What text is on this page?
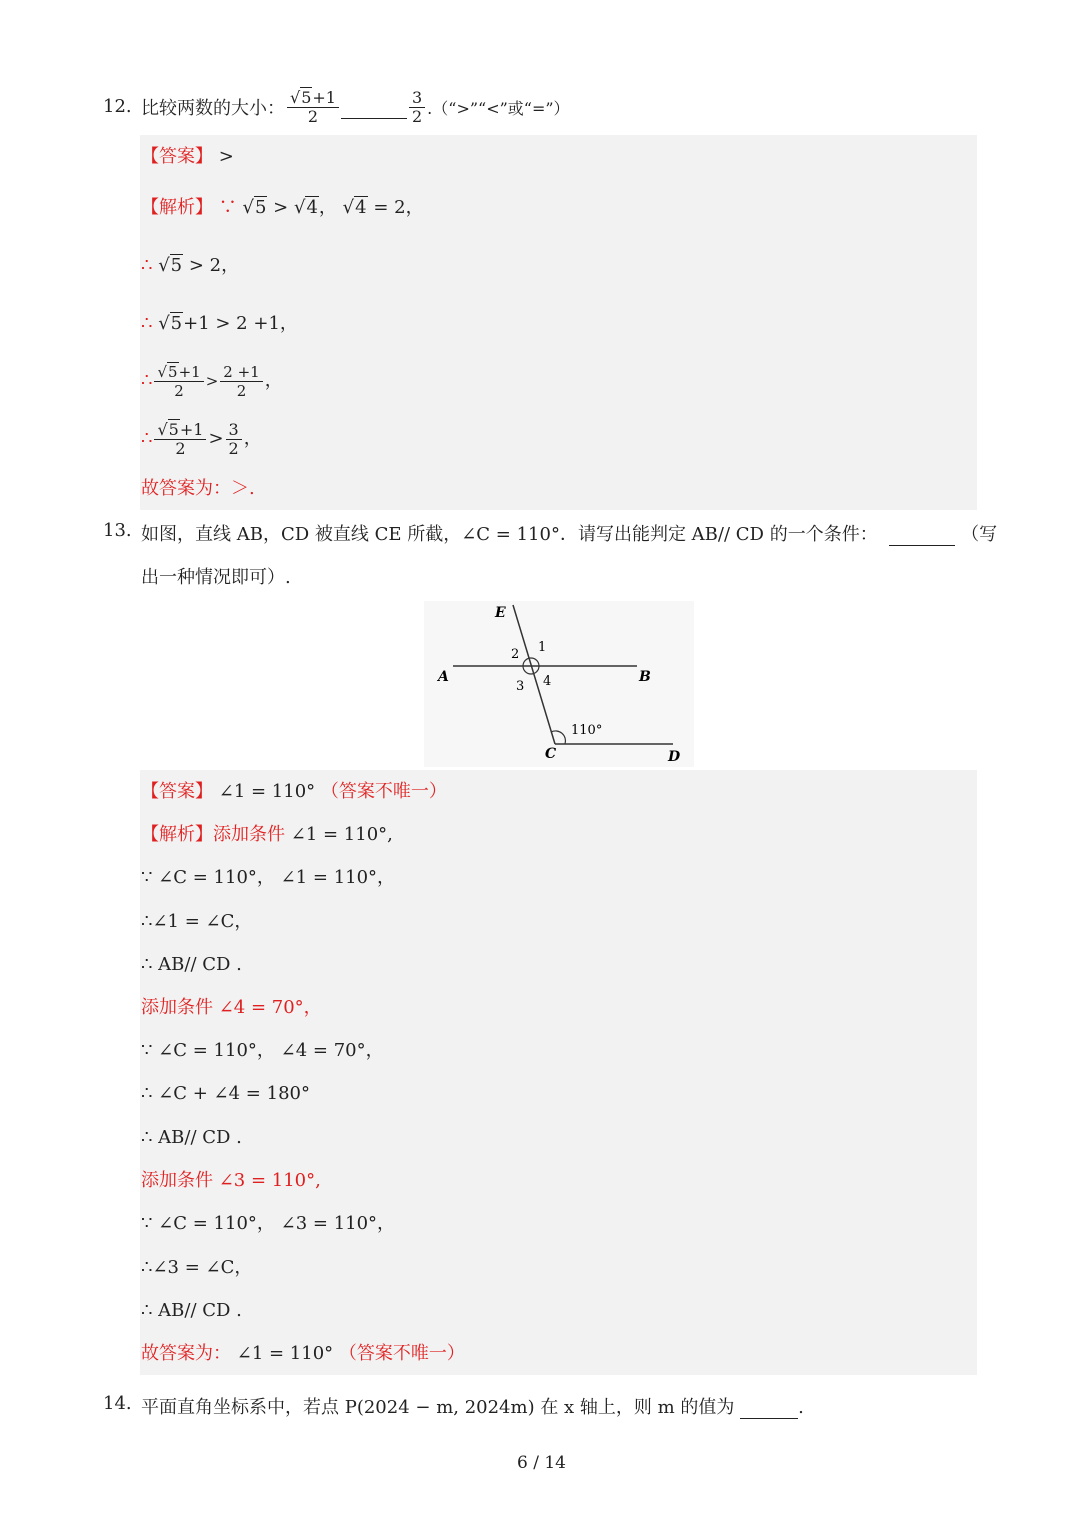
12. 比较两数的大小： $\frac{√5+1}{2}$	$\frac{3}{2}$ .（“>”“<”或“=”）
【答案】 >
【解析】 ∵ √5 > √4， √4 = 2，
∴ √5 > 2，
∴ √5+1 > 2 +1，
∴ $\frac{√5+1}{2} > \frac{2 +1}{2}$ ，
∴ $\frac{√5+1}{2} > \frac{3}{2}$ ，
故答案为：＞.
13. 如图，直线 AB，CD 被直线 CE 所截，∠C = 110°．请写出能判定 AB// CD 的一个条件：	（写
出一种情况即可）.
E
A	B
C	D
1
2
3 4
110°
【答案】 ∠1 = 110° （答案不唯一）
【解析】添加条件 ∠1 = 110°,
∵ ∠C = 110°， ∠1 = 110°，
∴∠1 = ∠C，
∴ AB// CD .
添加条件 ∠4 = 70°，
∵ ∠C = 110°， ∠4 = 70°，
∴ ∠C + ∠4 = 180°
∴ AB// CD .
添加条件 ∠3 = 110°,
∵ ∠C = 110°， ∠3 = 110°，
∴∠3 = ∠C，
∴ AB// CD .
故答案为： ∠1 = 110° （答案不唯一）
14. 平面直角坐标系中，若点 P(2024 − m, 2024m) 在 x 轴上，则 m 的值为	.
6 / 14
